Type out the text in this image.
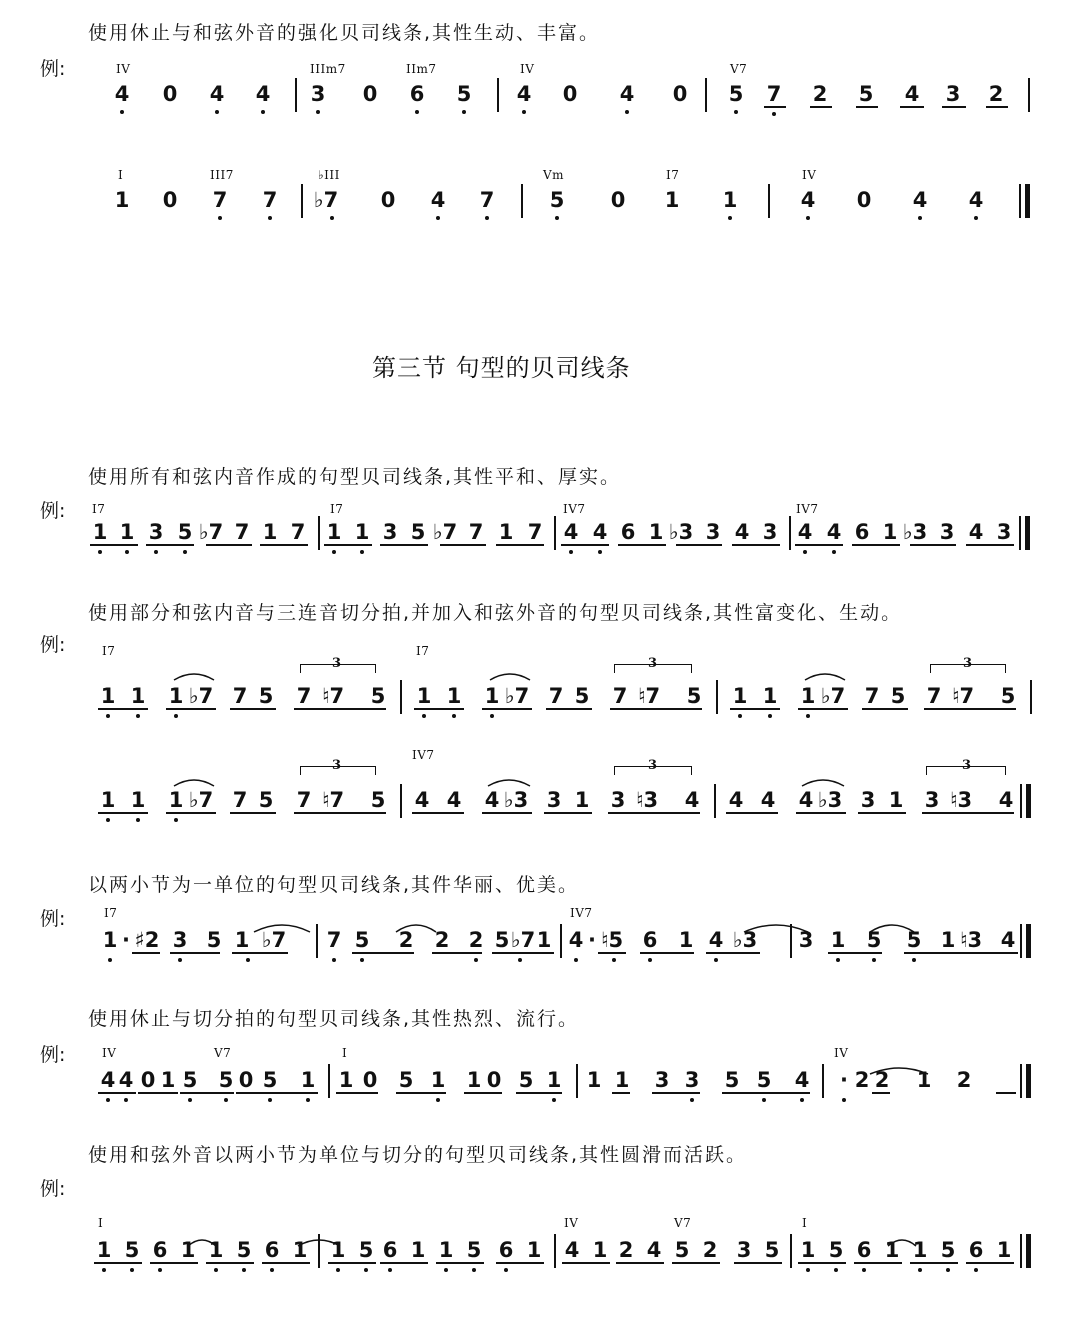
使用休止与和弦外音的强化贝司线条,其性生动、丰富。
例:	IV	IIIm7	IIm7	IV	V7
4 0 4 4 3 0 6 5 4 0 4 0 5 7 2 5 4 3 2
I	III7	♭III	Vm	I7	IV
1 0 7 7 ♭7 0 4 7	5 0 1 1	4 0 4 4
第三节 句型的贝司线条
使用所有和弦内音作成的句型贝司线条,其性平和、厚实。
例: I7	I7	IV7	IV7
1 1 3 5 ♭7 7 1 7 1 1 3 5 ♭7 7 1 7 4 4 6 1 ♭3 3 4 3 4 4 6 1 ♭3 3 4 3
使用部分和弦内音与三连音切分拍,并加入和弦外音的句型贝司线条,其性富变化、生动。
例:	I7	I7
3	3	3
1 1 1 ♭7 7 5 7 ♮7 5 1 1 1 ♭7 7 5 7 ♮7 5 1 1 1 ♭7 7 5 7 ♮7 5
IV7
3	3	3
1 1 1 ♭7 7 5 7 ♮7 5 4 4 4 ♭3 3 1 3 ♮3 4 4 4 4 ♭3 3 1 3 ♮3 4
以两小节为一单位的句型贝司线条,其件华丽、优美。
例:	I7	IV7
1 · ♯2 3 5 1 ♭7 7 5 2 2 2 5 ♭7 1 4 · ♮5 6 1 4 ♭3 3 1 5 5 1 ♮3 4
使用休止与切分拍的句型贝司线条,其性热烈、流行。
例:	IV	V7	I	IV
4 4 0 1 5 5 0 5 1 1 0 5 1 1 0 5 1 1 1 3 3 5 5 4 · 2 2 1 2
使用和弦外音以两小节为单位与切分的句型贝司线条,其性圆滑而活跃。
例:
I	IV	V7	I
1 5 6 1 1 5 6 1 1 5 6 1 1 5 6 1 4 1 2 4 5 2 3 5 1 5 6 1 1 5 6 1
